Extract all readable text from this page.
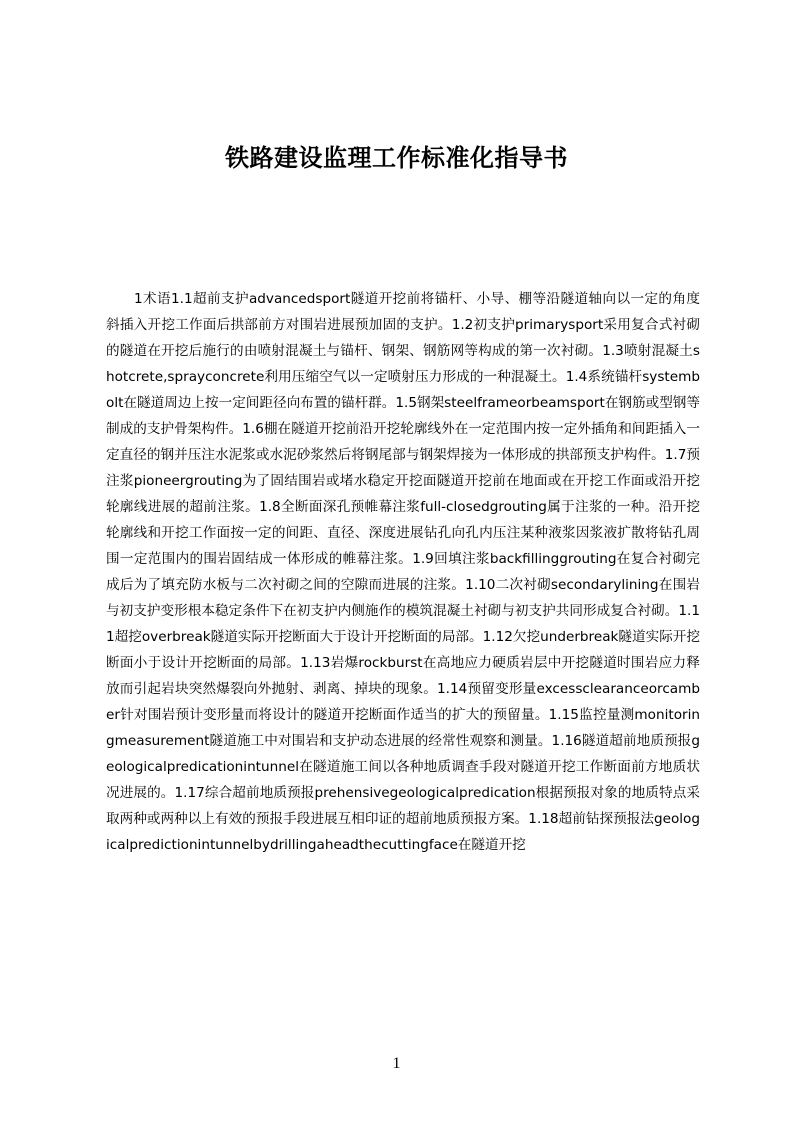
铁路建设监理工作标准化指导书

1术语1.1超前支护advancedsport隧道开挖前将锚杆、小导、棚等沿隧道轴向以一定的角度斜插入开挖工作面后拱部前方对围岩进展预加固的支护。1.2初支护primarysport采用复合式衬砌的隧道在开挖后施行的由喷射混凝土与锚杆、钢架、钢筋网等构成的第一次衬砌。1.3喷射混凝土shotcrete,sprayconcrete利用压缩空气以一定喷射压力形成的一种混凝土。1.4系统锚杆systembolt在隧道周边上按一定间距径向布置的锚杆群。1.5钢架steelframeorbeamsport在钢筋或型钢等制成的支护骨架构件。1.6棚在隧道开挖前沿开挖轮廓线外在一定范围内按一定外插角和间距插入一定直径的钢并压注水泥浆或水泥砂浆然后将钢尾部与钢架焊接为一体形成的拱部预支护构件。1.7预注浆pioneergrouting为了固结围岩或堵水稳定开挖面隧道开挖前在地面或在开挖工作面或沿开挖轮廓线进展的超前注浆。1.8全断面深孔预帷幕注浆full-closedgrouting属于注浆的一种。沿开挖轮廓线和开挖工作面按一定的间距、直径、深度进展钻孔向孔内压注某种液浆因浆液扩散将钻孔周围一定范围内的围岩固结成一体形成的帷幕注浆。1.9回填注浆backfillinggrouting在复合衬砌完成后为了填充防水板与二次衬砌之间的空隙而进展的注浆。1.10二次衬砌secondarylining在围岩与初支护变形根本稳定条件下在初支护内侧施作的模筑混凝土衬砌与初支护共同形成复合衬砌。1.11超挖overbreak隧道实际开挖断面大于设计开挖断面的局部。1.12欠挖underbreak隧道实际开挖断面小于设计开挖断面的局部。1.13岩爆rockburst在高地应力硬质岩层中开挖隧道时围岩应力释放而引起岩块突然爆裂向外抛射、剥离、掉块的现象。1.14预留变形量excessclearanceorcamber针对围岩预计变形量而将设计的隧道开挖断面作适当的扩大的预留量。1.15监控量测monitoringmeasurement隧道施工中对围岩和支护动态进展的经常性观察和测量。1.16隧道超前地质预报geologicalpredicationintunnel在隧道施工间以各种地质调查手段对隧道开挖工作断面前方地质状况进展的。1.17综合超前地质预报prehensivegeologicalpredication根据预报对象的地质特点采取两种或两种以上有效的预报手段进展互相印证的超前地质预报方案。1.18超前钻探预报法geologicalpredictionintunnelbydrillingaheadthecuttingface在隧道开挖

1
